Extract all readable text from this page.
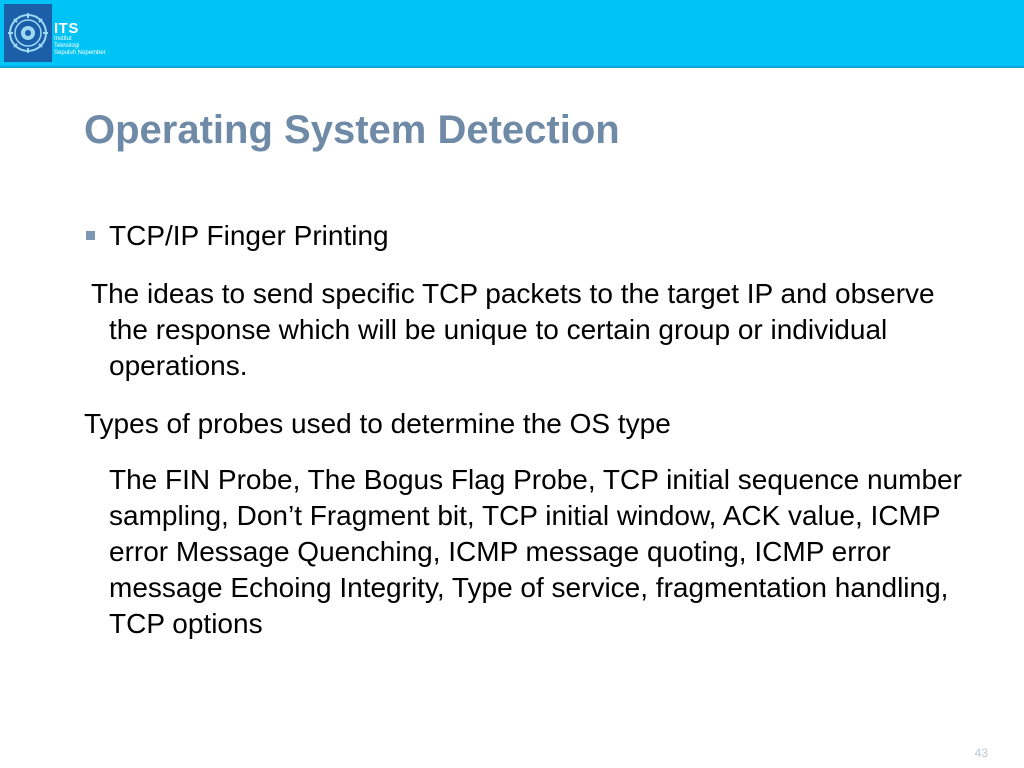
ITS
Institut
Teknologi
Sepuluh Nopember
Operating System Detection
TCP/IP Finger Printing

The ideas to send specific TCP packets to the target IP and observe the response which will be unique to certain group or individual operations.

Types of probes used to determine the OS type

The FIN Probe, The Bogus Flag Probe, TCP initial sequence number sampling, Don’t Fragment bit, TCP initial window, ACK value, ICMP error Message Quenching, ICMP message quoting, ICMP error message Echoing Integrity, Type of service, fragmentation handling, TCP options

43
